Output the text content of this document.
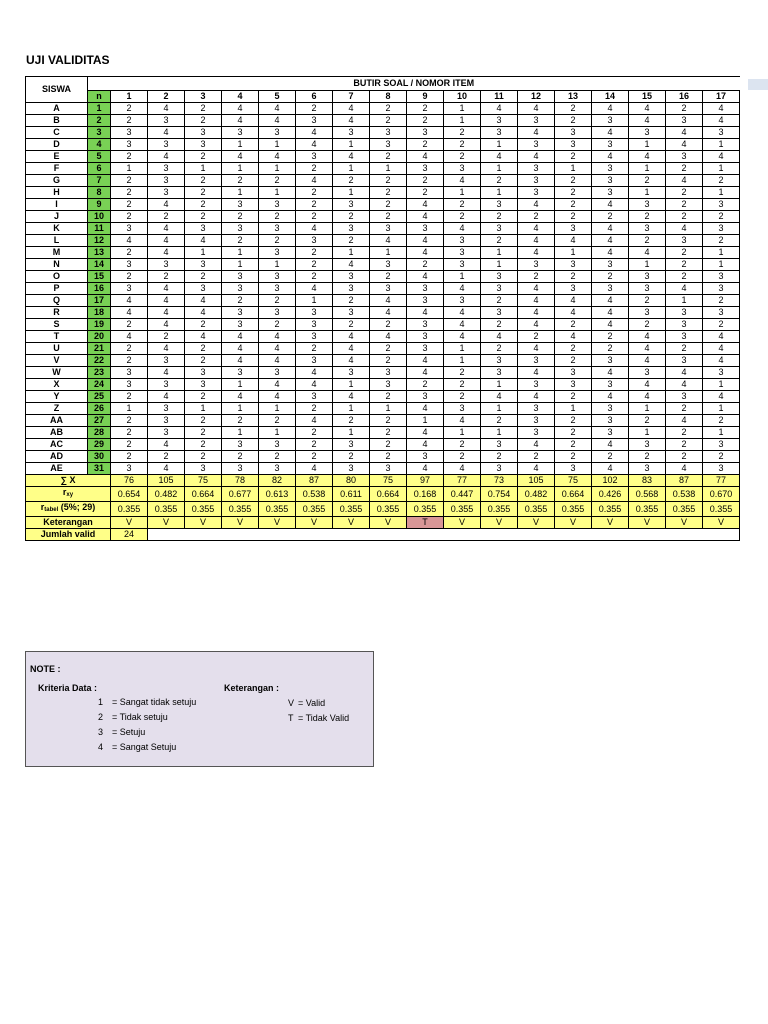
UJI VALIDITAS
SISWA	BUTIR SOAL / NOMOR ITEM																	
	n	1	2	3	4	5	6	7	8	9	10	11	12	13	14	15	16	17
A	1	2	4	2	4	4	2	4	2	2	1	4	4	2	4	4	2	4
B	2	2	3	2	4	4	3	4	2	2	1	3	3	2	3	4	3	4
C	3	3	4	3	3	3	4	3	3	3	2	3	4	3	4	3	4	3
D	4	3	3	3	1	1	4	1	3	2	2	1	3	3	3	1	4	1
E	5	2	4	2	4	4	3	4	2	4	2	4	4	2	4	4	3	4
F	6	1	3	1	1	1	2	1	1	3	3	1	3	1	3	1	2	1
G	7	2	3	2	2	2	4	2	2	2	4	2	3	2	3	2	4	2
H	8	2	3	2	1	1	2	1	2	2	1	1	3	2	3	1	2	1
I	9	2	4	2	3	3	2	3	2	4	2	3	4	2	4	3	2	3
J	10	2	2	2	2	2	2	2	2	4	2	2	2	2	2	2	2	2
K	11	3	4	3	3	3	4	3	3	3	4	3	4	3	4	3	4	3
L	12	4	4	4	2	2	3	2	4	4	3	2	4	4	4	2	3	2
M	13	2	4	1	1	3	2	1	1	4	3	1	4	1	4	4	2	1
N	14	3	3	3	1	1	2	4	3	2	3	1	3	3	3	1	2	1
O	15	2	2	2	3	3	2	3	2	4	1	3	2	2	2	3	2	3
P	16	3	4	3	3	3	4	3	3	3	4	3	4	3	3	3	4	3
Q	17	4	4	4	2	2	1	2	4	3	3	2	4	4	4	2	1	2
R	18	4	4	4	3	3	3	3	4	4	4	3	4	4	4	3	3	3
S	19	2	4	2	3	2	3	2	2	3	4	2	4	2	4	2	3	2
T	20	4	2	4	4	4	3	4	4	3	4	4	2	4	2	4	3	4
U	21	2	4	2	4	4	2	4	2	3	1	2	4	2	2	4	2	4
V	22	2	3	2	4	4	3	4	2	4	1	3	3	2	3	4	3	4
W	23	3	4	3	3	3	4	3	3	4	2	3	4	3	4	3	4	3
X	24	3	3	3	1	4	4	1	3	2	2	1	3	3	3	4	4	1
Y	25	2	4	2	4	4	3	4	2	3	2	4	4	2	4	4	3	4
Z	26	1	3	1	1	1	2	1	1	4	3	1	3	1	3	1	2	1
AA	27	2	3	2	2	2	4	2	2	1	4	2	3	2	3	2	4	2
AB	28	2	3	2	1	1	2	1	2	4	1	1	3	2	3	1	2	1
AC	29	2	4	2	3	3	2	3	2	4	2	3	4	2	4	3	2	3
AD	30	2	2	2	2	2	2	2	2	3	2	2	2	2	2	2	2	2
AE	31	3	4	3	3	3	4	3	3	4	4	3	4	3	4	3	4	3
∑ X		76	105	75	78	82	87	80	75	97	77	73	105	75	102	83	87	77
rxy		0.654	0.482	0.664	0.677	0.613	0.538	0.611	0.664	0.168	0.447	0.754	0.482	0.664	0.426	0.568	0.538	0.670
rtabel (5%; 29)		0.355	0.355	0.355	0.355	0.355	0.355	0.355	0.355	0.355	0.355	0.355	0.355	0.355	0.355	0.355	0.355	0.355
Keterangan		V	V	V	V	V	V	V	V	T	V	V	V	V	V	V	V	V
Jumlah valid		24																
NOTE :
Kriteria Data :	Keterangan :
1 = Sangat tidak setuju
2 = Tidak setuju
3 = Setuju
4 = Sangat Setuju
V = Valid
T = Tidak Valid
